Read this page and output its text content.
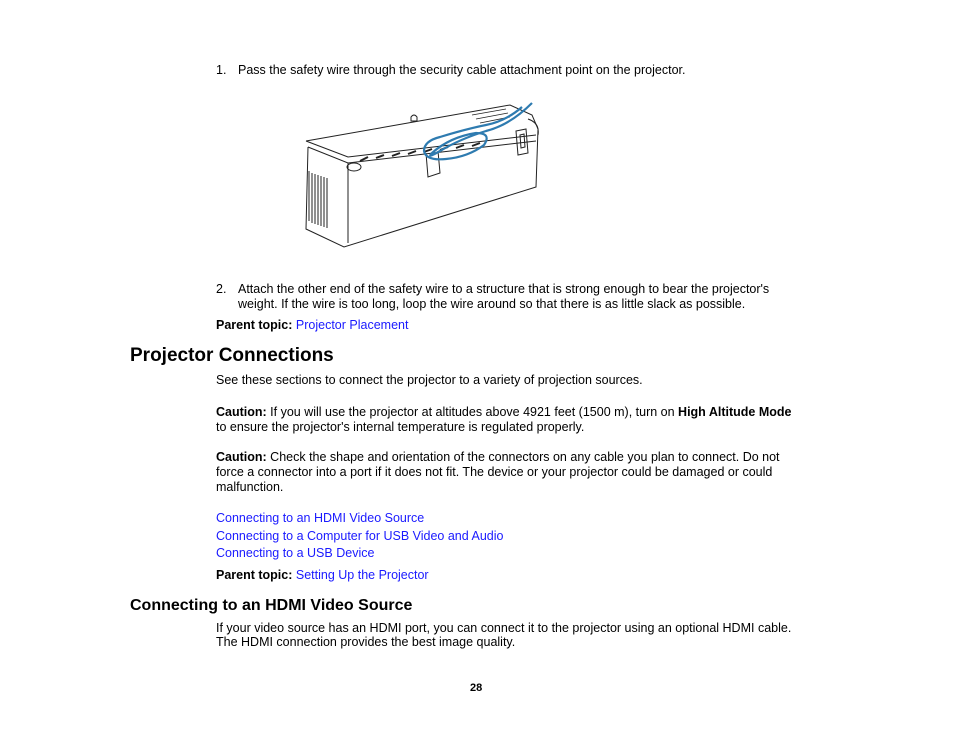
1. Pass the safety wire through the security cable attachment point on the projector.
2. Attach the other end of the safety wire to a structure that is strong enough to bear the projector's
weight. If the wire is too long, loop the wire around so that there is as little slack as possible.
Parent topic: Projector Placement
Projector Connections
See these sections to connect the projector to a variety of projection sources.
Caution: If you will use the projector at altitudes above 4921 feet (1500 m), turn on High Altitude Mode
to ensure the projector's internal temperature is regulated properly.
Caution: Check the shape and orientation of the connectors on any cable you plan to connect. Do not
force a connector into a port if it does not fit. The device or your projector could be damaged or could
malfunction.
Connecting to an HDMI Video Source
Connecting to a Computer for USB Video and Audio
Connecting to a USB Device
Parent topic: Setting Up the Projector
Connecting to an HDMI Video Source
If your video source has an HDMI port, you can connect it to the projector using an optional HDMI cable.
The HDMI connection provides the best image quality.
28
